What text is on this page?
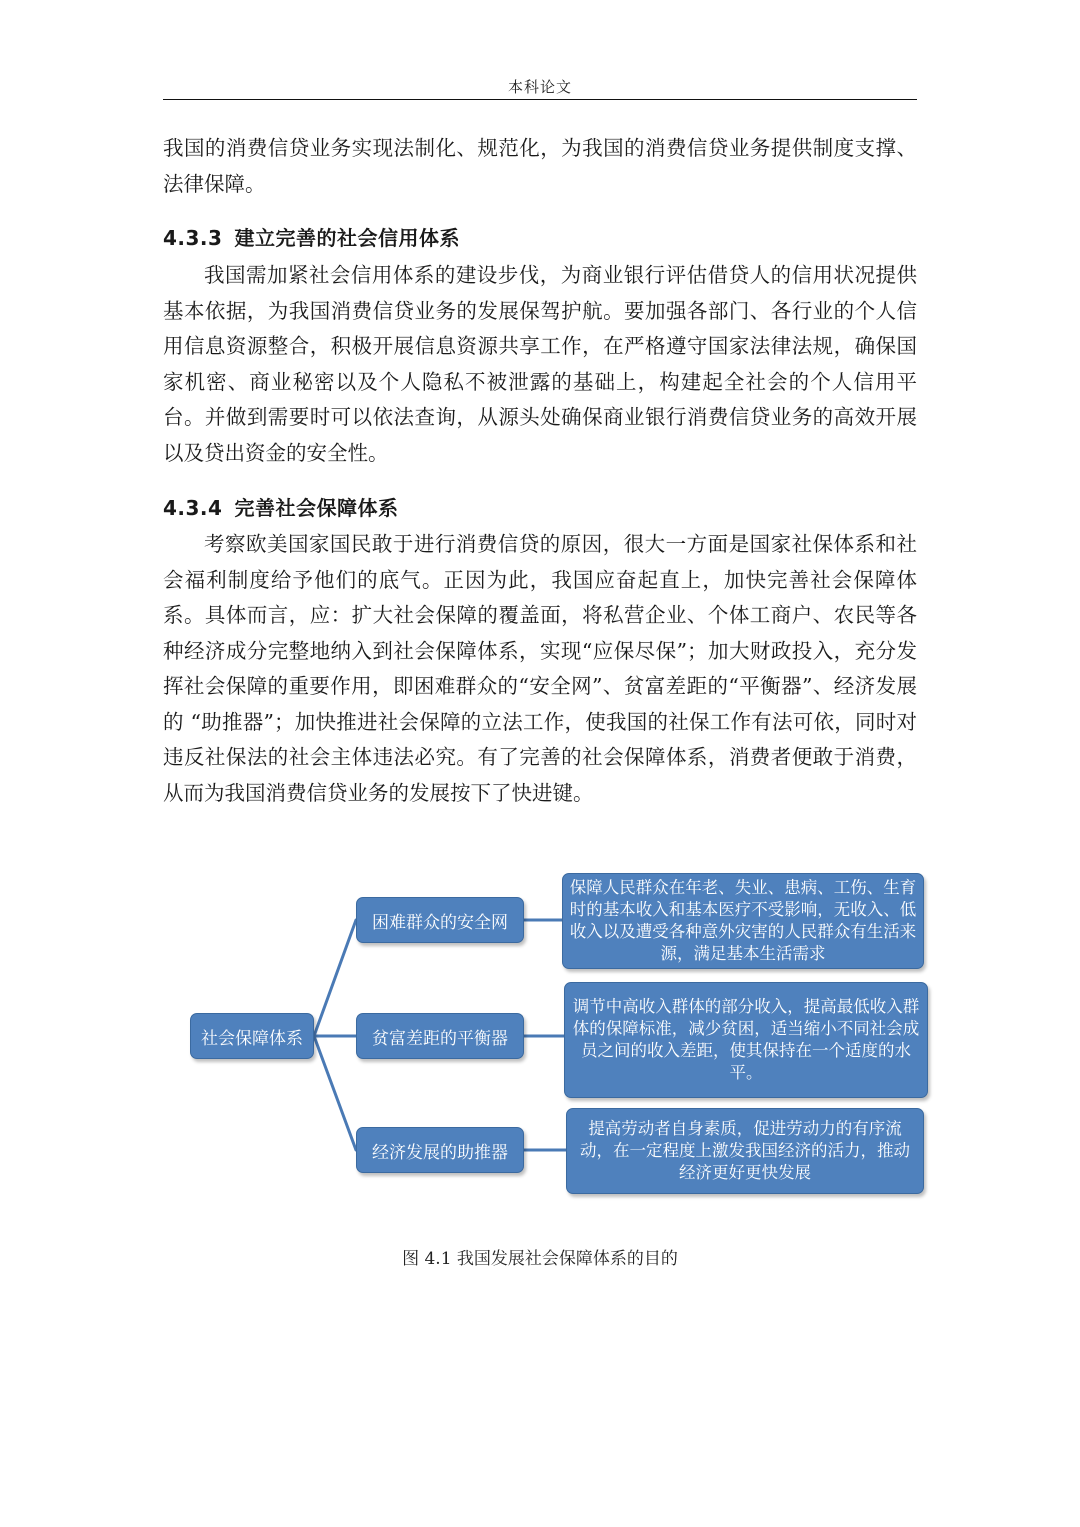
本科论文

我国的消费信贷业务实现法制化、规范化，为我国的消费信贷业务提供制度支撑、法律保障。

4.3.3 建立完善的社会信用体系

我国需加紧社会信用体系的建设步伐，为商业银行评估借贷人的信用状况提供基本依据，为我国消费信贷业务的发展保驾护航。要加强各部门、各行业的个人信用信息资源整合，积极开展信息资源共享工作，在严格遵守国家法律法规，确保国家机密、商业秘密以及个人隐私不被泄露的基础上，构建起全社会的个人信用平台。并做到需要时可以依法查询，从源头处确保商业银行消费信贷业务的高效开展以及贷出资金的安全性。

4.3.4 完善社会保障体系

考察欧美国家国民敢于进行消费信贷的原因，很大一方面是国家社保体系和社会福利制度给予他们的底气。正因为此，我国应奋起直上，加快完善社会保障体系。具体而言，应：扩大社会保障的覆盖面，将私营企业、个体工商户、农民等各种经济成分完整地纳入到社会保障体系，实现“应保尽保”；加大财政投入，充分发挥社会保障的重要作用，即困难群众的“安全网”、贫富差距的“平衡器”、经济发展的 “助推器”；加快推进社会保障的立法工作，使我国的社保工作有法可依，同时对违反社保法的社会主体违法必究。有了完善的社会保障体系，消费者便敢于消费，从而为我国消费信贷业务的发展按下了快进键。

社会保障体系
困难群众的安全网
贫富差距的平衡器
经济发展的助推器
保障人民群众在年老、失业、患病、工伤、生育时的基本收入和基本医疗不受影响，无收入、低收入以及遭受各种意外灾害的人民群众有生活来源，满足基本生活需求
调节中高收入群体的部分收入，提高最低收入群体的保障标准，减少贫困，适当缩小不同社会成员之间的收入差距，使其保持在一个适度的水平。
提高劳动者自身素质，促进劳动力的有序流动，在一定程度上激发我国经济的活力，推动经济更好更快发展
图 4.1 我国发展社会保障体系的目的
